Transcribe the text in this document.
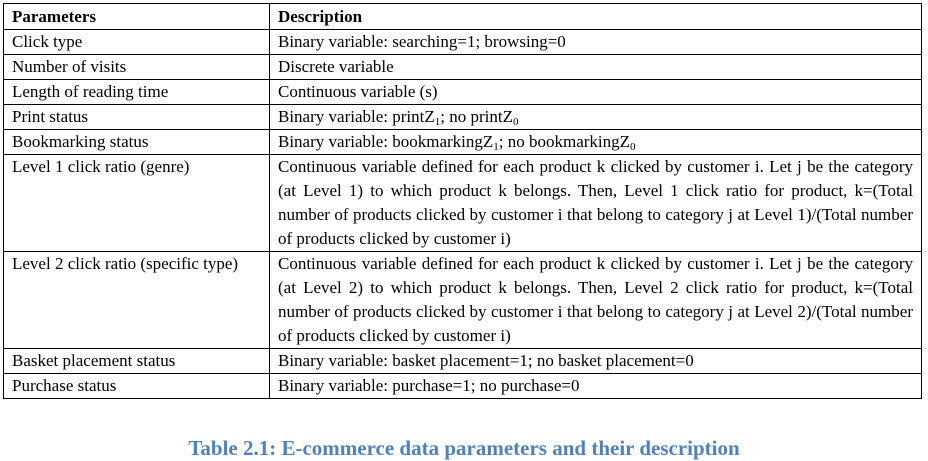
Parameters	Description
Click type	Binary variable: searching=1; browsing=0
Number of visits	Discrete variable
Length of reading time	Continuous variable (s)
Print status	Binary variable: printZ$_1$; no printZ$_0$
Bookmarking status	Binary variable: bookmarkingZ$_1$; no bookmarkingZ$_0$
Level 1 click ratio (genre)	Continuous variable defined for each product k clicked by customer i. Let j be the category (at Level 1) to which product k belongs. Then, Level 1 click ratio for product, k=(Total number of products clicked by customer i that belong to category j at Level 1)/(Total number of products clicked by customer i)
Level 2 click ratio (specific type)	Continuous variable defined for each product k clicked by customer i. Let j be the category (at Level 2) to which product k belongs. Then, Level 2 click ratio for product, k=(Total number of products clicked by customer i that belong to category j at Level 2)/(Total number of products clicked by customer i)
Basket placement status	Binary variable: basket placement=1; no basket placement=0
Purchase status	Binary variable: purchase=1; no purchase=0
Table 2.1: E-commerce data parameters and their description
